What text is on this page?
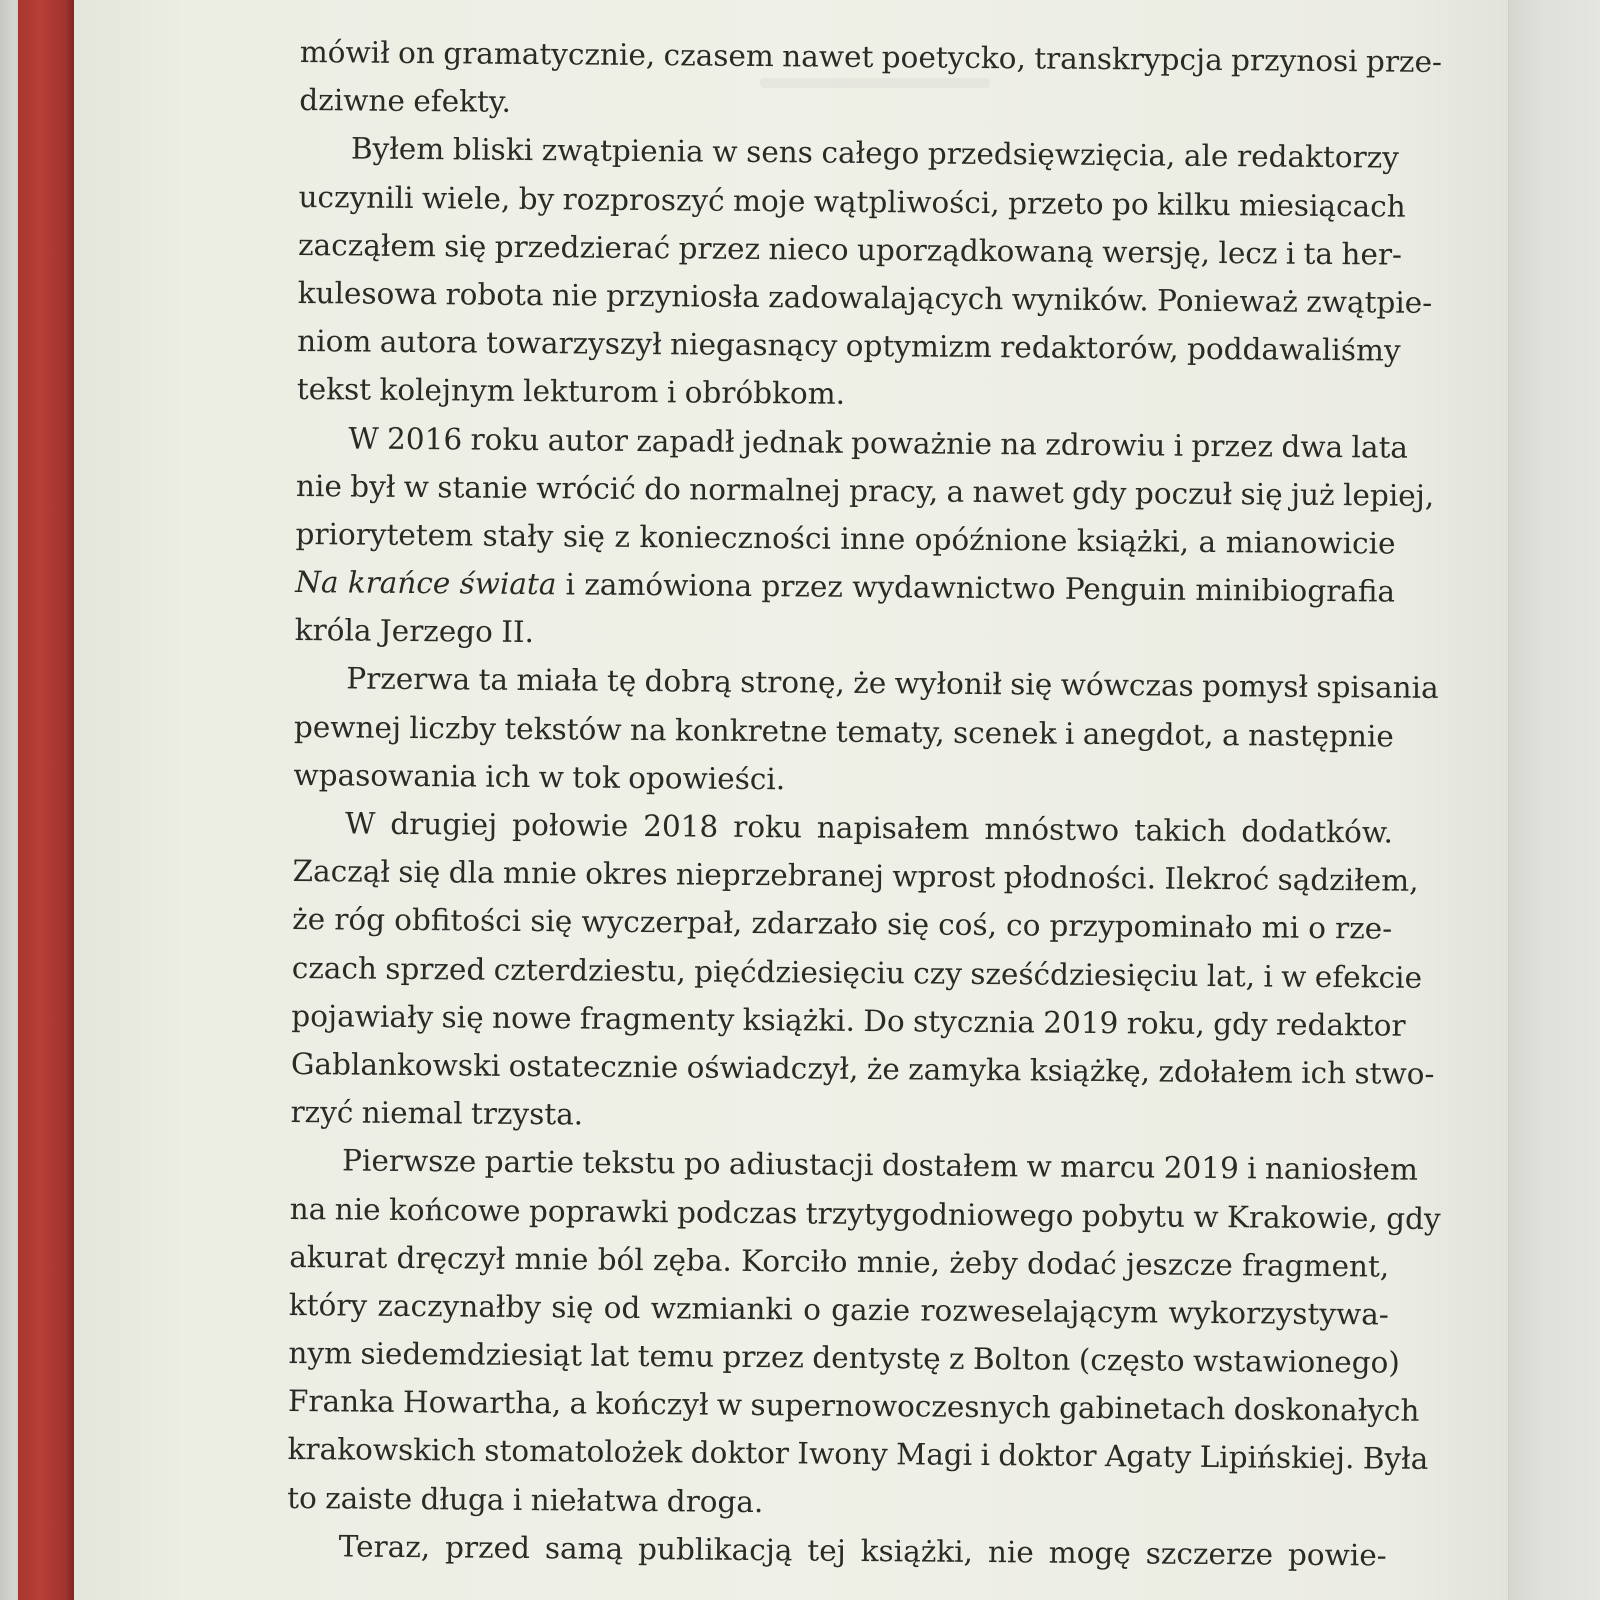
mówił on gramatycznie, czasem nawet poetycko, transkrypcja przynosi prze-
dziwne efekty.
Byłem bliski zwątpienia w sens całego przedsięwzięcia, ale redaktorzy
uczynili wiele, by rozproszyć moje wątpliwości, przeto po kilku miesiącach
zacząłem się przedzierać przez nieco uporządkowaną wersję, lecz i ta her-
kulesowa robota nie przyniosła zadowalających wyników. Ponieważ zwątpie-
niom autora towarzyszył niegasnący optymizm redaktorów, poddawaliśmy
tekst kolejnym lekturom i obróbkom.
W 2016 roku autor zapadł jednak poważnie na zdrowiu i przez dwa lata
nie był w stanie wrócić do normalnej pracy, a nawet gdy poczuł się już lepiej,
priorytetem stały się z konieczności inne opóźnione książki, a mianowicie
Na krańce świata i zamówiona przez wydawnictwo Penguin minibiografia
króla Jerzego II.
Przerwa ta miała tę dobrą stronę, że wyłonił się wówczas pomysł spisania
pewnej liczby tekstów na konkretne tematy, scenek i anegdot, a następnie
wpasowania ich w tok opowieści.
W drugiej połowie 2018 roku napisałem mnóstwo takich dodatków.
Zaczął się dla mnie okres nieprzebranej wprost płodności. Ilekroć sądziłem,
że róg obfitości się wyczerpał, zdarzało się coś, co przypominało mi o rze-
czach sprzed czterdziestu, pięćdziesięciu czy sześćdziesięciu lat, i w efekcie
pojawiały się nowe fragmenty książki. Do stycznia 2019 roku, gdy redaktor
Gablankowski ostatecznie oświadczył, że zamyka książkę, zdołałem ich stwo-
rzyć niemal trzysta.
Pierwsze partie tekstu po adiustacji dostałem w marcu 2019 i naniosłem
na nie końcowe poprawki podczas trzytygodniowego pobytu w Krakowie, gdy
akurat dręczył mnie ból zęba. Korciło mnie, żeby dodać jeszcze fragment,
który zaczynałby się od wzmianki o gazie rozweselającym wykorzystywa-
nym siedemdziesiąt lat temu przez dentystę z Bolton (często wstawionego)
Franka Howartha, a kończył w supernowoczesnych gabinetach doskonałych
krakowskich stomatolożek doktor Iwony Magi i doktor Agaty Lipińskiej. Była
to zaiste długa i niełatwa droga.
Teraz, przed samą publikacją tej książki, nie mogę szczerze powie-
